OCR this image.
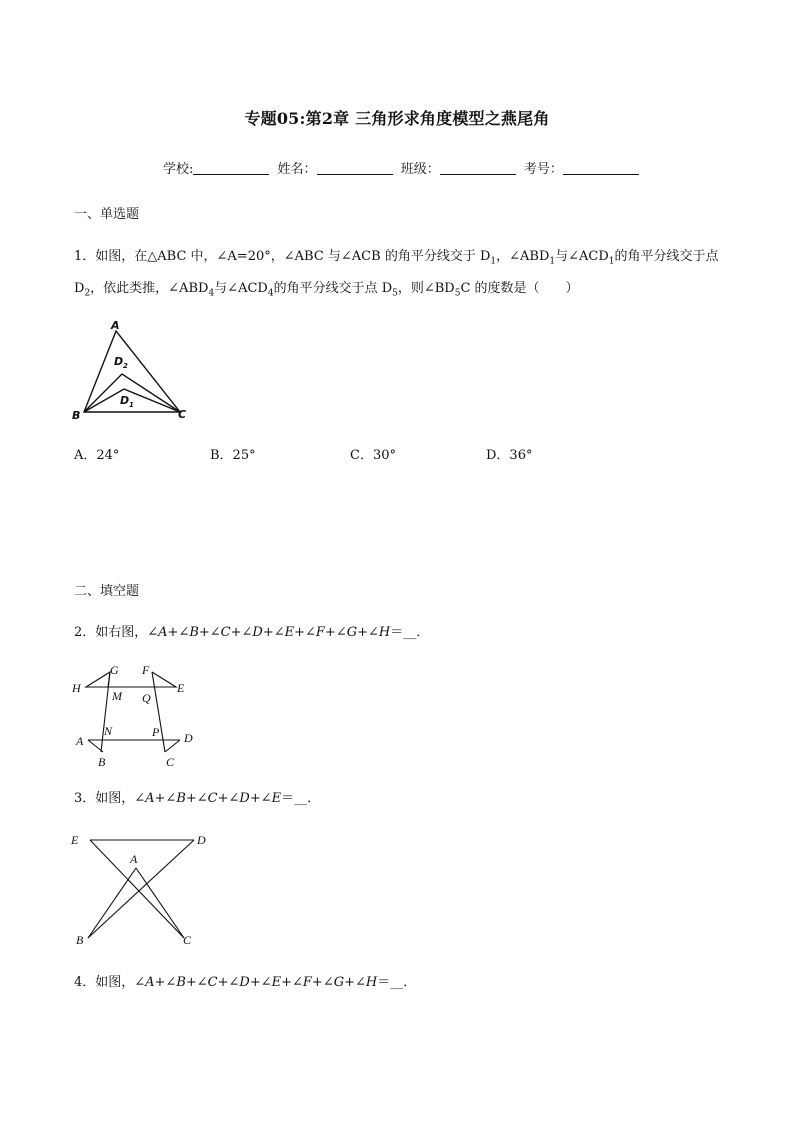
专题05:第2章 三角形求角度模型之燕尾角
学校:	姓名：	班级：	考号：
一、单选题
1．如图，在△ABC 中，∠A=20°，∠ABC 与∠ACB 的角平分线交于 $D_1$，$\angle ABD_1$与$\angle ACD_1$的角平分线交于点
$D_2$，依此类推，$\angle ABD_4$与$\angle ACD_4$的角平分线交于点 $D_5$，则$\angle BD_5C$ 的度数是（　　）
A
B	C
D 2
D 1
A．24°	B．25°	C．30°	D．36°
二、填空题
2．如右图，∠A+∠B+∠C+∠D+∠E+∠F+∠G+∠H＝__．
G F
H	E
M Q
N	P
A	D
B	C
3．如图，∠A+∠B+∠C+∠D+∠E＝__．
E	D
A
B	C
4．如图，∠A+∠B+∠C+∠D+∠E+∠F+∠G+∠H＝__．
